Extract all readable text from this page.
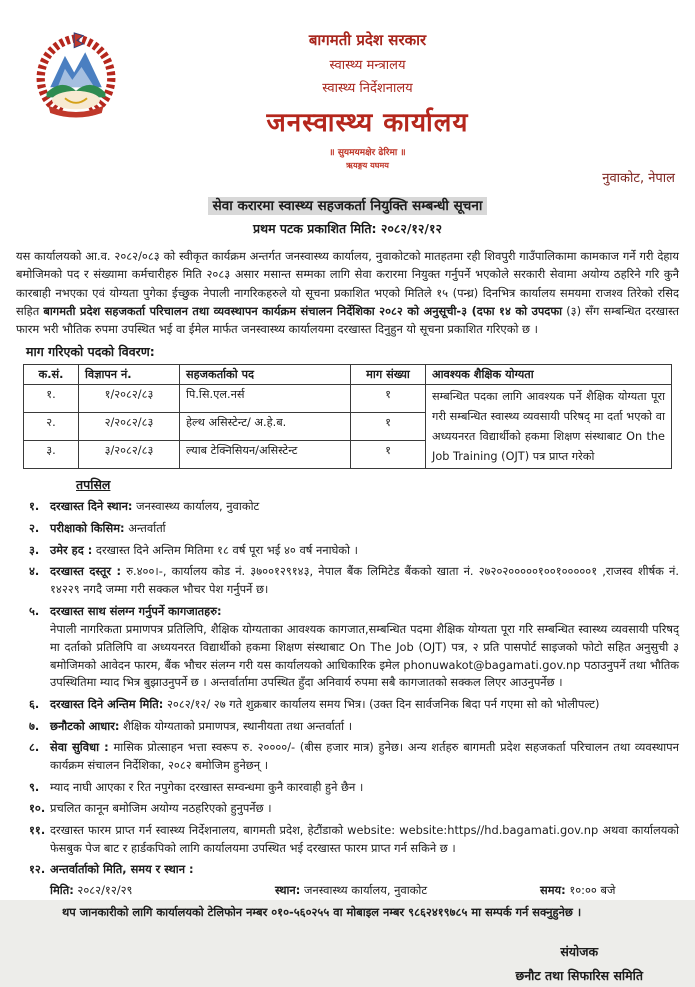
बागमती प्रदेश सरकार
स्वास्थ्य मन्त्रालय
स्वास्थ्य निर्देशनालय
जनस्वास्थ्य कार्यालय
॥ सुयमयमक्षेर ढेरिमा ॥
ऋयङ्गय यघमय
नुवाकोट, नेपाल
सेवा करारमा स्वास्थ्य सहजकर्ता नियुक्ति सम्बन्धी सूचना
प्रथम पटक प्रकाशित मिति: २०८२/१२/१२

यस कार्यालयको आ.व. २०८२/०८३ को स्वीकृत कार्यक्रम अन्तर्गत जनस्वास्थ्य कार्यालय, नुवाकोटको मातहतमा रही शिवपुरी गाउँपालिकामा कामकाज गर्ने गरी देहाय बमोजिमको पद र संख्यामा कर्मचारीहरु मिति २०८३ असार मसान्त सम्मका लागि सेवा करारमा नियुक्त गर्नुपर्ने भएकोले सरकारी सेवामा अयोग्य ठहरिने गरि कुनै कारबाही नभएका एवं योग्यता पुगेका ईच्छुक नेपाली नागरिकहरुले यो सूचना प्रकाशित भएको मितिले १५ (पन्ध्र) दिनभित्र कार्यालय समयमा राजश्व तिरेको रसिद सहित बागमती प्रदेश सहजकर्ता परिचालन तथा व्यवस्थापन कार्यक्रम संचालन निर्देशिका २०८२ को अनुसूची-३ (दफा १४ को उपदफा (३) सँग सम्बन्धित दरखास्त फारम भरी भौतिक रुपमा उपस्थित भई वा ईमेल मार्फत जनस्वास्थ्य कार्यालयमा दरखास्त दिनुहुन यो सूचना प्रकाशित गरिएको छ ।

माग गरिएको पदको विवरण:
क.सं.	विज्ञापन नं.	सहजकर्ताको पद	माग संख्या	आवश्यक शैक्षिक योग्यता
१.	१/२०८२/८३	पि.सि.एल.नर्स	१	सम्बन्धित पदका लागि आवश्यक पर्ने शैक्षिक योग्यता पूरा गरी सम्बन्धित स्वास्थ्य व्यवसायी परिषद् मा दर्ता भएको वा अध्ययनरत विद्यार्थीको हकमा शिक्षण संस्थाबाट On the Job Training (OJT) पत्र प्राप्त गरेको
२.	२/२०८२/८३	हेल्थ असिस्टेन्ट/ अ.हे.ब.	१	
३.	३/२०८२/८३	ल्याब टेक्निसियन/असिस्टेन्ट	१	
तपसिल
१. दरखास्त दिने स्थान: जनस्वास्थ्य कार्यालय, नुवाकोट
२. परीक्षाको किसिम: अन्तर्वार्ता
३. उमेर हद : दरखास्त दिने अन्तिम मितिमा १८ वर्ष पूरा भई ४० वर्ष ननाघेको ।
४. दरखास्त दस्तूर : रु.४००।-, कार्यालय कोड नं. ३७००१२९१४३, नेपाल बैंक लिमिटेड बैंकको खाता नं. २७२०२०००००१००१०००००१ ,राजस्व शीर्षक नं. १४२२९ नगदै जम्मा गरी सक्कल भौचर पेश गर्नुपर्ने छ।
५. दरखास्त साथ संलग्न गर्नुपर्ने कागजातहरु:
नेपाली नागरिकता प्रमाणपत्र प्रतिलिपि, शैक्षिक योग्यताका आवश्यक कागजात,सम्बन्धित पदमा शैक्षिक योग्यता पूरा गरि सम्बन्धित स्वास्थ्य व्यवसायी परिषद् मा दर्ताको प्रतिलिपि वा अध्ययनरत विद्यार्थीको हकमा शिक्षण संस्थाबाट On The Job (OJT) पत्र, २ प्रति पासपोर्ट साइजको फोटो सहित अनुसुची ३ बमोजिमको आवेदन फारम, बैंक भौचर संलग्न गरी यस कार्यालयको आधिकारिक इमेल phonuwakot@bagamati.gov.np पठाउनुपर्ने तथा भौतिक उपस्थितिमा म्याद भित्र बुझाउनुपर्ने छ । अन्तर्वार्तामा उपस्थित हुँदा अनिवार्य रुपमा सबै कागजातको सक्कल लिएर आउनुपर्नेछ ।
६. दरखास्त दिने अन्तिम मिति: २०८२/१२/ २७ गते शुक्रबार कार्यालय समय भित्र। (उक्त दिन सार्वजनिक बिदा पर्न गएमा सो को भोलीपल्ट)
७. छनौटको आधार: शैक्षिक योग्यताको प्रमाणपत्र, स्थानीयता तथा अन्तर्वार्ता ।
८. सेवा सुविधा : मासिक प्रोत्साहन भत्ता स्वरूप रु. २००००/- (बीस हजार मात्र) हुनेछ। अन्य शर्तहरु बागमती प्रदेश सहजकर्ता परिचालन तथा व्यवस्थापन कार्यक्रम संचालन निर्देशिका, २०८२ बमोजिम हुनेछन् ।
९. म्याद नाघी आएका र रित नपुगेका दरखास्त सम्वन्धमा कुनै कारवाही हुने छैन ।
१०. प्रचलित कानून बमोजिम अयोग्य नठहरिएको हुनुपर्नेछ ।
११. दरखास्त फारम प्राप्त गर्न स्वास्थ्य निर्देशनालय, बागमती प्रदेश, हेटौंडाको website: website:https//hd.bagamati.gov.np अथवा कार्यालयको फेसबुक पेज बाट र हार्डकपिको लागि कार्यालयमा उपस्थित भई दरखास्त फारम प्राप्त गर्न सकिने छ ।
१२. अन्तर्वार्ताको मिति, समय र स्थान :
मिति: २०८२/१२/२९	स्थान: जनस्वास्थ्य कार्यालय, नुवाकोट	समय: १०:०० बजे
थप जानकारीको लागि कार्यालयको टेलिफोन नम्बर ०१०-५६०२५५ वा मोबाइल नम्बर ९८६२४१९७८५ मा सम्पर्क गर्न सक्नुहुनेछ ।
संयोजक
छनौट तथा सिफारिस समिति
